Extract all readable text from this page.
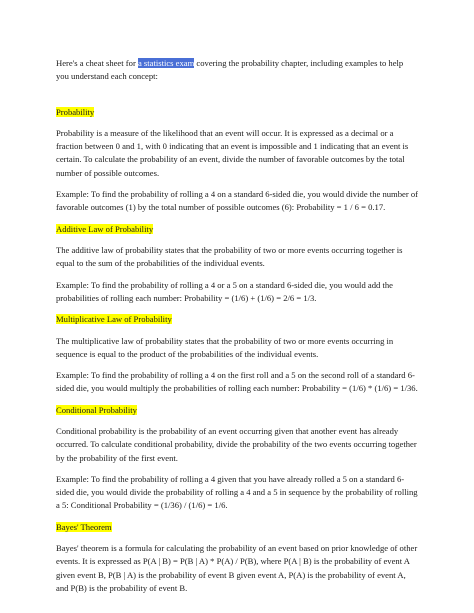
Here's a cheat sheet for a statistics exam covering the probability chapter, including examples to help you understand each concept:

Probability

Probability is a measure of the likelihood that an event will occur. It is expressed as a decimal or a fraction between 0 and 1, with 0 indicating that an event is impossible and 1 indicating that an event is certain. To calculate the probability of an event, divide the number of favorable outcomes by the total number of possible outcomes.

Example: To find the probability of rolling a 4 on a standard 6-sided die, you would divide the number of favorable outcomes (1) by the total number of possible outcomes (6): Probability = 1 / 6 = 0.17.

Additive Law of Probability

The additive law of probability states that the probability of two or more events occurring together is equal to the sum of the probabilities of the individual events.

Example: To find the probability of rolling a 4 or a 5 on a standard 6-sided die, you would add the probabilities of rolling each number: Probability = (1/6) + (1/6) = 2/6 = 1/3.

Multiplicative Law of Probability

The multiplicative law of probability states that the probability of two or more events occurring in sequence is equal to the product of the probabilities of the individual events.

Example: To find the probability of rolling a 4 on the first roll and a 5 on the second roll of a standard 6-sided die, you would multiply the probabilities of rolling each number: Probability = (1/6) * (1/6) = 1/36.

Conditional Probability

Conditional probability is the probability of an event occurring given that another event has already occurred. To calculate conditional probability, divide the probability of the two events occurring together by the probability of the first event.

Example: To find the probability of rolling a 4 given that you have already rolled a 5 on a standard 6-sided die, you would divide the probability of rolling a 4 and a 5 in sequence by the probability of rolling a 5: Conditional Probability = (1/36) / (1/6) = 1/6.

Bayes' Theorem

Bayes' theorem is a formula for calculating the probability of an event based on prior knowledge of other events. It is expressed as P(A | B) = P(B | A) * P(A) / P(B), where P(A | B) is the probability of event A given event B, P(B | A) is the probability of event B given event A, P(A) is the probability of event A, and P(B) is the probability of event B.
